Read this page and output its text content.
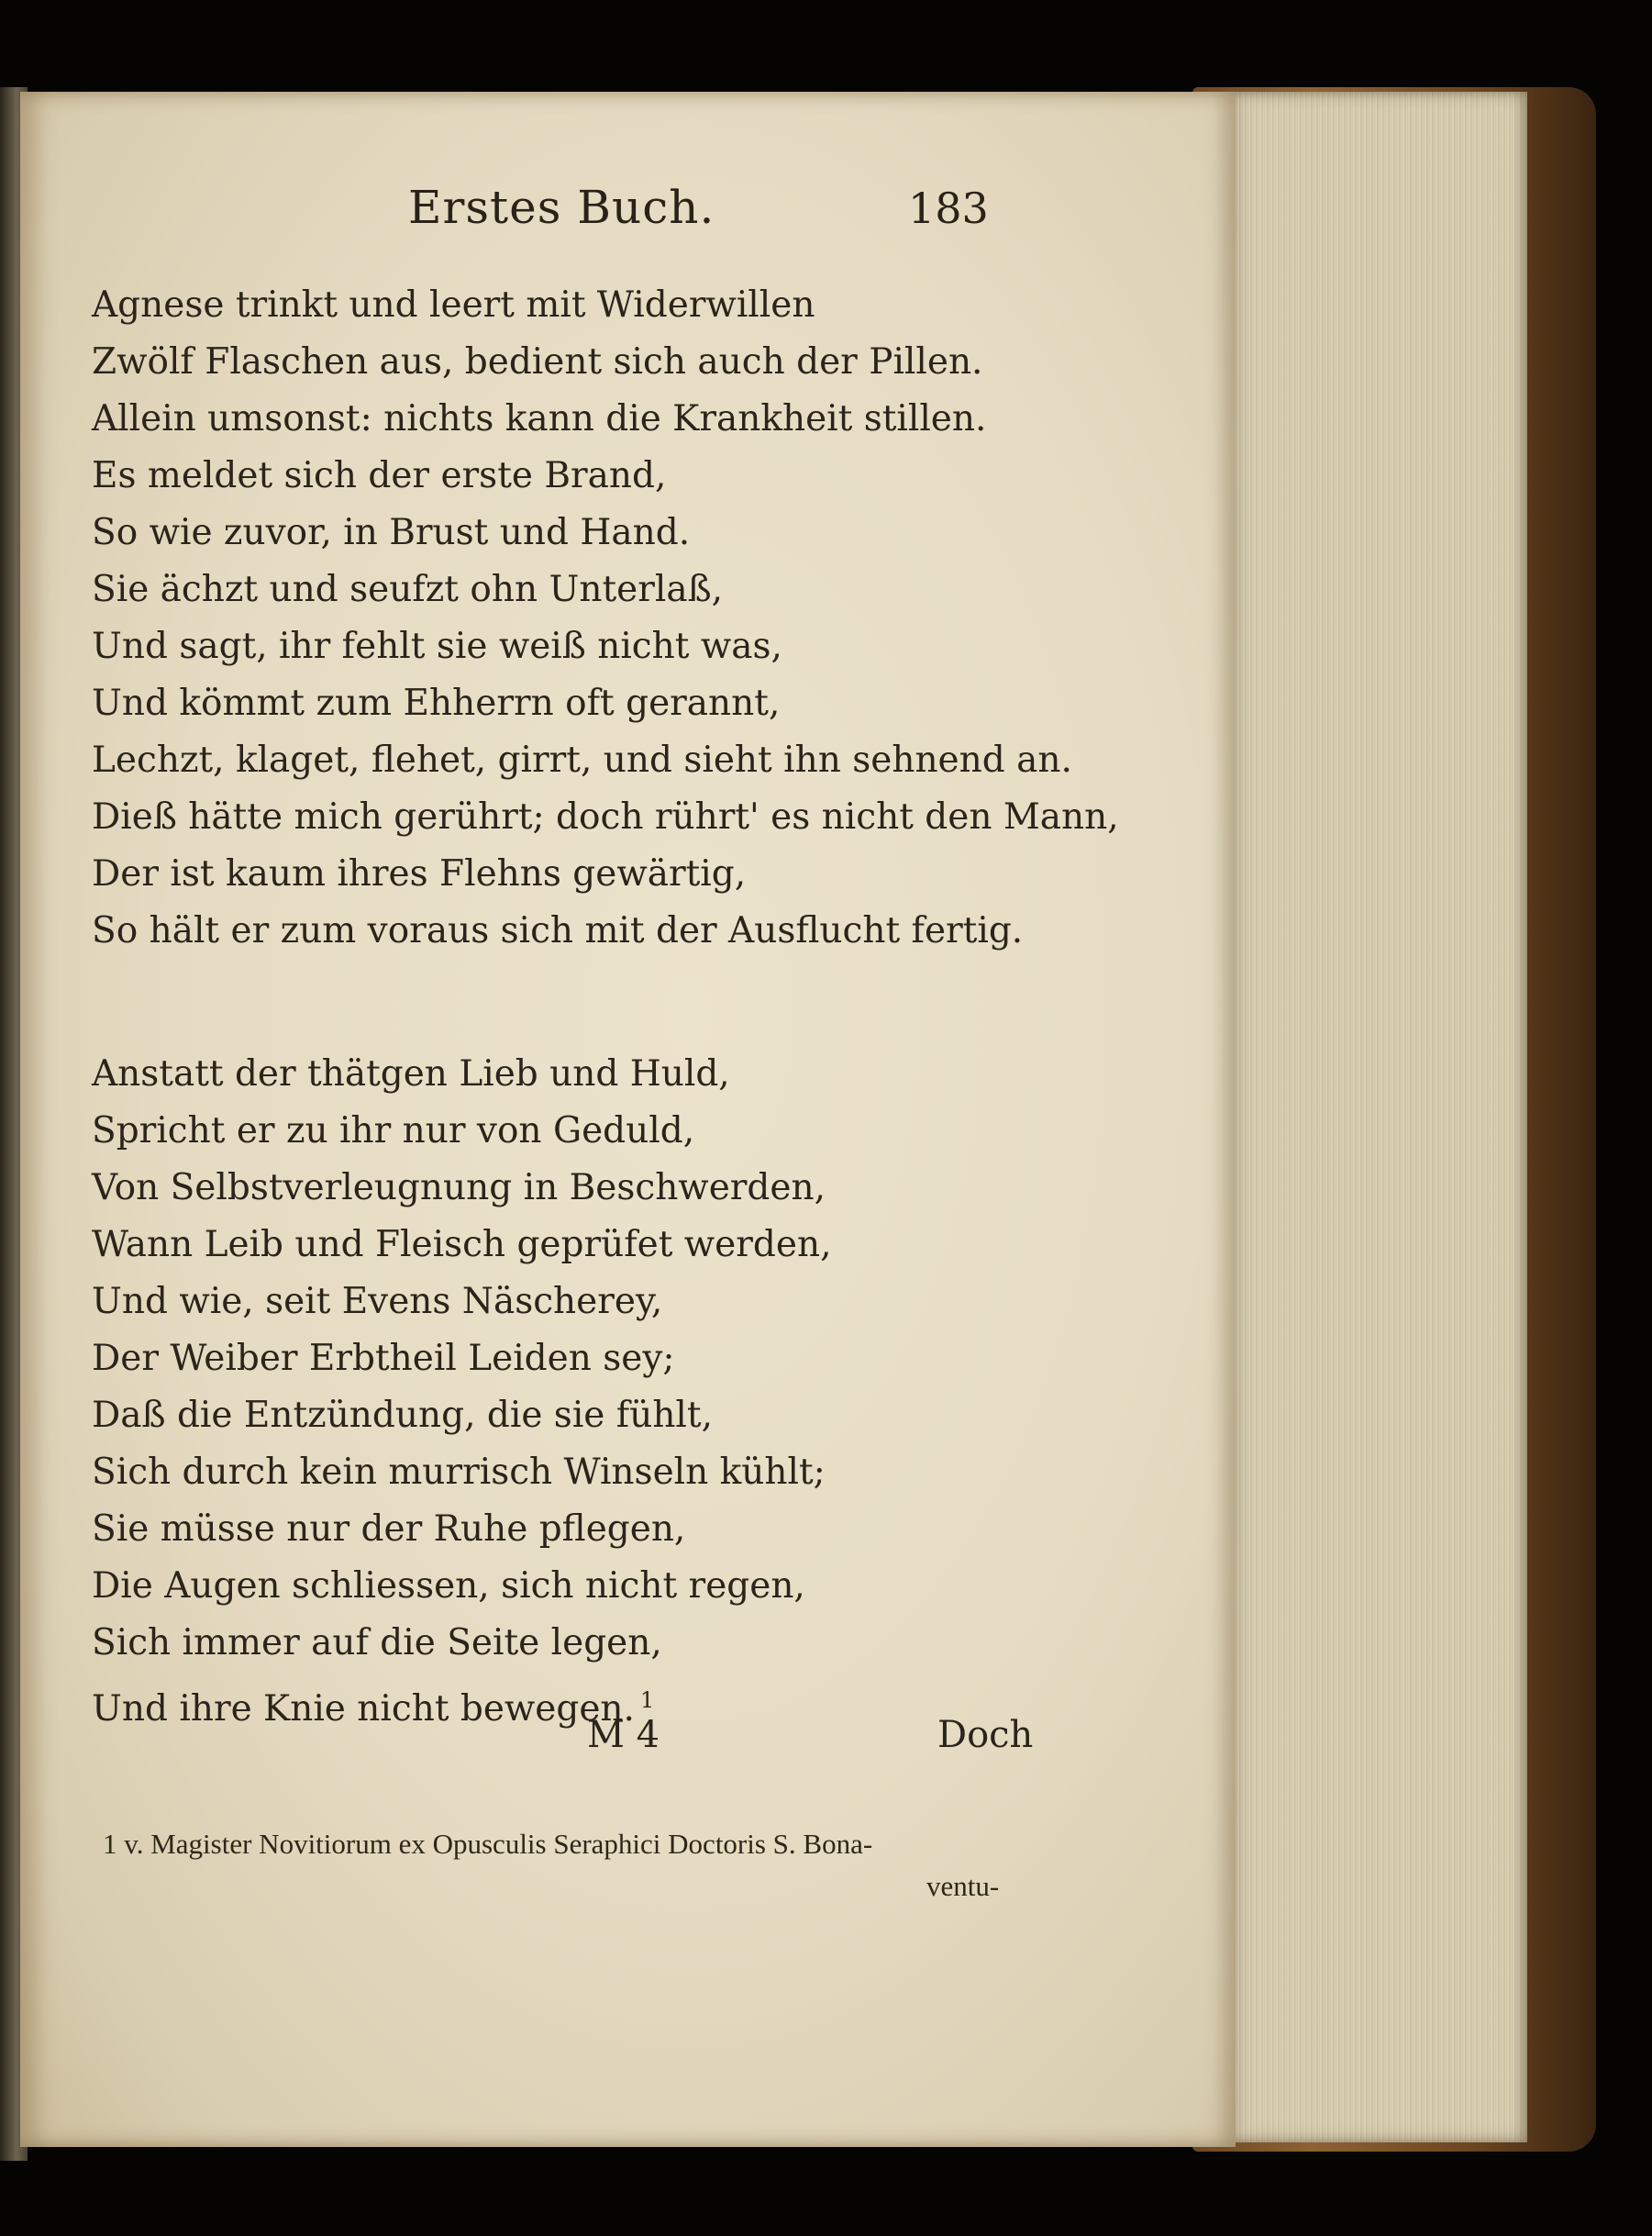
Erstes Buch.	183
Agnese trinkt und leert mit Widerwillen
Zwölf Flaschen aus, bedient sich auch der Pillen.
Allein umsonst: nichts kann die Krankheit stillen.
Es meldet sich der erste Brand,
So wie zuvor, in Brust und Hand.
Sie ächzt und seufzt ohn Unterlaß,
Und sagt, ihr fehlt sie weiß nicht was,
Und kömmt zum Ehherrn oft gerannt,
Lechzt, klaget, flehet, girrt, und sieht ihn sehnend an.
Dieß hätte mich gerührt; doch rührt' es nicht den Mann,
Der ist kaum ihres Flehns gewärtig,
So hält er zum voraus sich mit der Ausflucht fertig.
Anstatt der thätgen Lieb und Huld,
Spricht er zu ihr nur von Geduld,
Von Selbstverleugnung in Beschwerden,
Wann Leib und Fleisch geprüfet werden,
Und wie, seit Evens Näscherey,
Der Weiber Erbtheil Leiden sey;
Daß die Entzündung, die sie fühlt,
Sich durch kein murrisch Winseln kühlt;
Sie müsse nur der Ruhe pflegen,
Die Augen schliessen, sich nicht regen,
Sich immer auf die Seite legen,
Und ihre Knie nicht bewegen. $^1$
M 4	Doch
1 v. Magister Novitiorum ex Opusculis Seraphici Doctoris S. Bona-
ventu-
